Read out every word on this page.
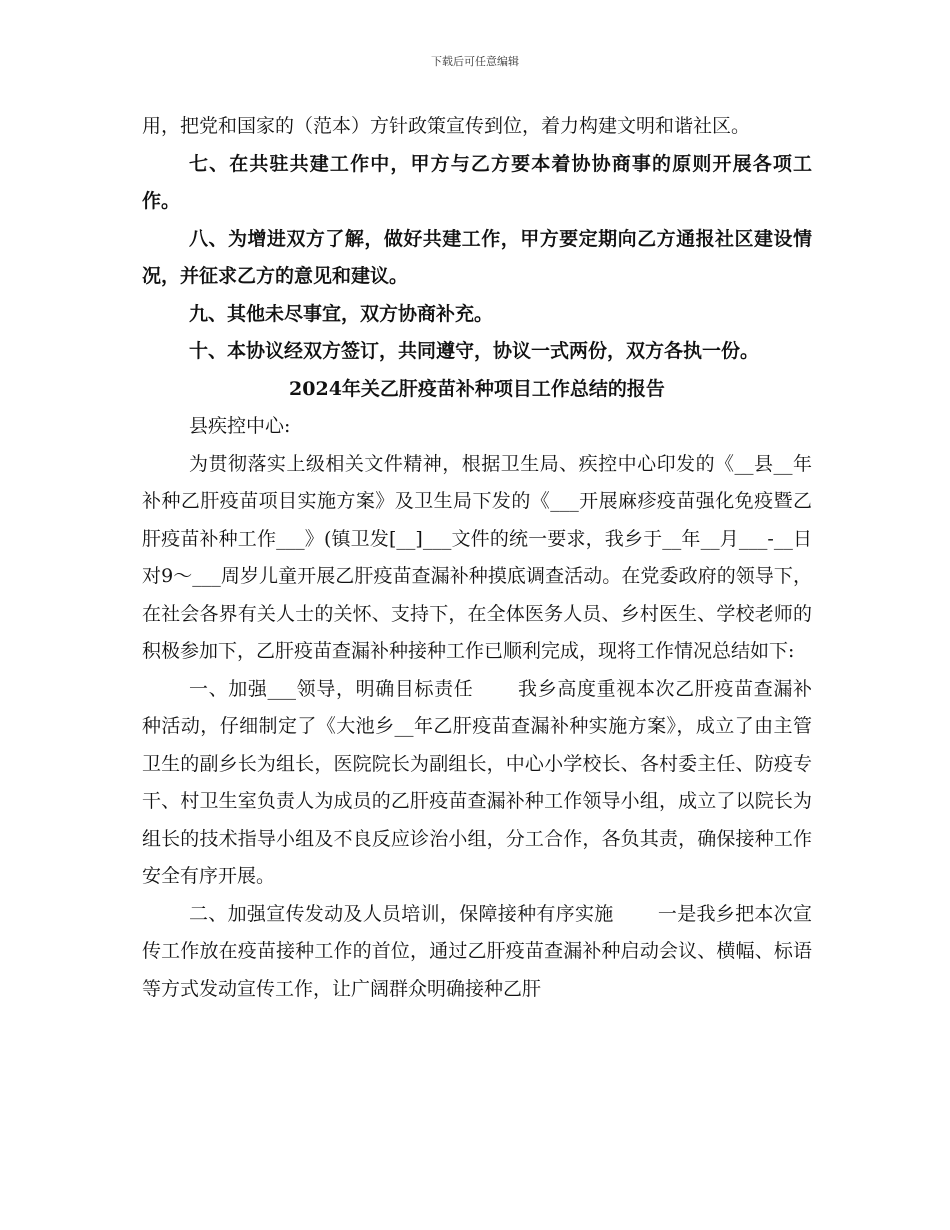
下载后可任意编辑

用，把党和国家的（范本）方针政策宣传到位，着力构建文明和谐社区。

七、在共驻共建工作中，甲方与乙方要本着协协商事的原则开展各项工作。

八、为增进双方了解，做好共建工作，甲方要定期向乙方通报社区建设情况，并征求乙方的意见和建议。

九、其他未尽事宜，双方协商补充。

十、本协议经双方签订，共同遵守，协议一式两份，双方各执一份。

2024年关乙肝疫苗补种项目工作总结的报告

县疾控中心:

为贯彻落实上级相关文件精神，根据卫生局、疾控中心印发的《__县__年补种乙肝疫苗项目实施方案》及卫生局下发的《___开展麻疹疫苗强化免疫暨乙肝疫苗补种工作___》(镇卫发[__]___文件的统一要求，我乡于__年__月___-__日对9～___周岁儿童开展乙肝疫苗查漏补种摸底调查活动。在党委政府的领导下，在社会各界有关人士的关怀、支持下，在全体医务人员、乡村医生、学校老师的积极参加下，乙肝疫苗查漏补种接种工作已顺利完成，现将工作情况总结如下:

一、加强___领导，明确目标责任 我乡高度重视本次乙肝疫苗查漏补种活动，仔细制定了《大池乡__年乙肝疫苗查漏补种实施方案》，成立了由主管卫生的副乡长为组长，医院院长为副组长，中心小学校长、各村委主任、防疫专干、村卫生室负责人为成员的乙肝疫苗查漏补种工作领导小组，成立了以院长为组长的技术指导小组及不良反应诊治小组，分工合作，各负其责，确保接种工作安全有序开展。

二、加强宣传发动及人员培训，保障接种有序实施 一是我乡把本次宣传工作放在疫苗接种工作的首位，通过乙肝疫苗查漏补种启动会议、横幅、标语等方式发动宣传工作，让广阔群众明确接种乙肝
